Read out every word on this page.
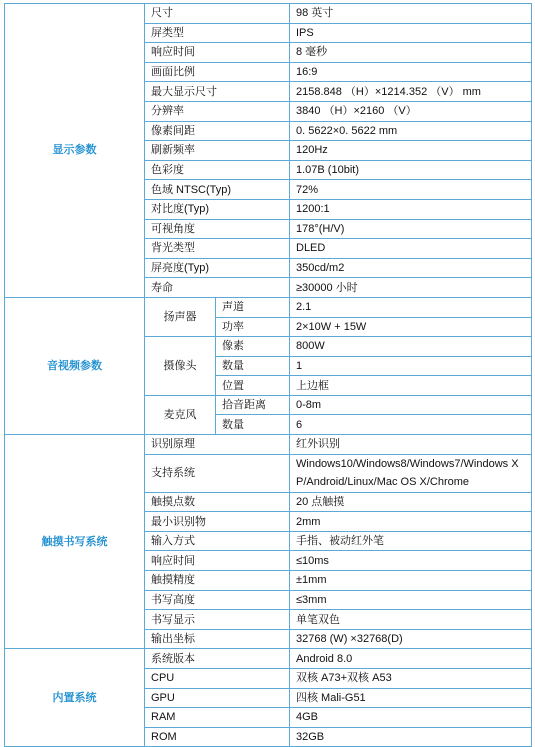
显示参数	尺寸		98 英寸
	屏类型		IPS
	响应时间		8 毫秒
	画面比例		16:9
	最大显示尺寸		2158.848 （H）×1214.352 （V） mm
	分辨率		3840 （H）×2160 （V）
	像素间距		0. 5622×0. 5622 mm
	刷新频率		120Hz
	色彩度		1.07B (10bit)
	色域 NTSC(Typ)		72%
	对比度(Typ)		1200:1
	可视角度		178°(H/V)
	背光类型		DLED
	屏亮度(Typ)		350cd/m2
	寿命		≥30000 小时
音视频参数	扬声器	声道	2.1
		功率	2×10W + 15W
	摄像头	像素	800W
		数量	1
		位置	上边框
	麦克风	拾音距离	0-8m
		数量	6
触摸书写系统	识别原理		红外识别
	支持系统		Windows10/Windows8/Windows7/Windows XP/Android/Linux/Mac OS X/Chrome
	触摸点数		20 点触摸
	最小识别物		2mm
	输入方式		手指、被动红外笔
	响应时间		≤10ms
	触摸精度		±1mm
	书写高度		≤3mm
	书写显示		单笔双色
	输出坐标		32768 (W) ×32768(D)
内置系统	系统版本		Android 8.0
	CPU		双核 A73+双核 A53
	GPU		四核 Mali-G51
	RAM		4GB
	ROM		32GB
